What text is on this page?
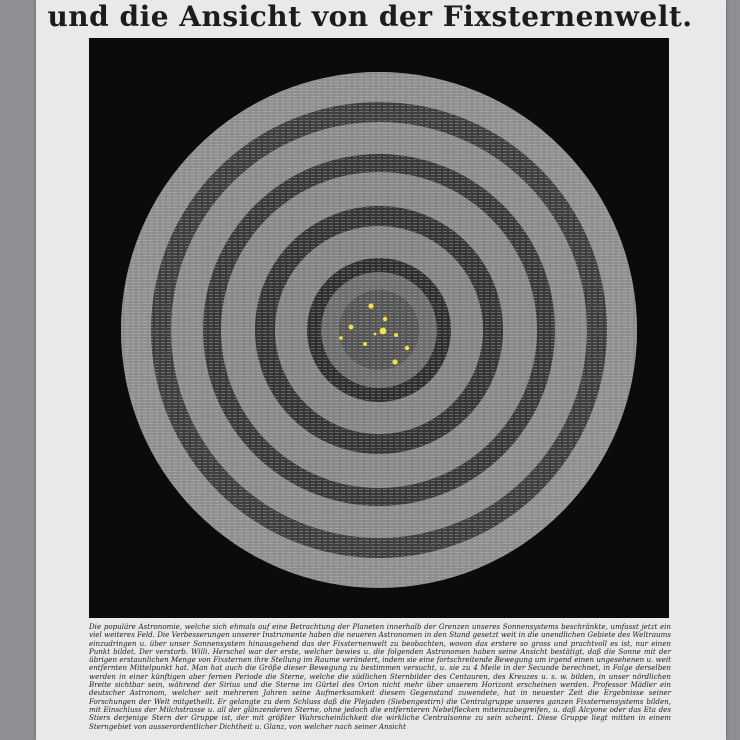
und die Ansicht von der Fixsternenwelt.

Die populäre Astronomie, welche sich ehmals auf eine Betrachtung der Planeten innerhalb der Grenzen unseres Sonnensystems beschränkte, umfasst jetzt ein viel weiteres Feld. Die Verbesserungen unserer Instrumente haben die neueren Astronomen in den Stand gesetzt weit in die unendlichen Gebiete des Weltraums einzudringen u. über unser Sonnensystem hinausgehend das der Fixsternenwelt zu beobachten, wovon das erstere so gross und prachtvoll es ist, nur einen Punkt bildet. Der verstorb. Willi. Herschel war der erste, welcher bewies u. die folgenden Astronomen haben seine Ansicht bestätigt, daß die Sonne mit der übrigen erstaunlichen Menge von Fixsternen ihre Stellung im Raume verändert, indem sie eine fortschreitende Bewegung um irgend einen ungesehenen u. weit entfernten Mittelpunkt hat. Man hat auch die Größe dieser Bewegung zu bestimmen versucht, u. sie zu 4 Meile in der Secunde berechnet, in Folge derselben werden in einer künftigen aber fernen Periode die Sterne, welche die südlichen Sternbilder des Centauren, des Kreuzes u. s. w. bilden, in unser nördlichen Breite sichtbar sein, während der Sirius und die Sterne im Gürtel des Orion nicht mehr über unserem Horizont erscheinen werden. Professor Mädler ein deutscher Astronom, welcher seit mehreren Jahren seine Aufmerksamkeit diesem Gegenstand zuwendete, hat in neuester Zeit die Ergebnisse seiner Forschungen der Welt mitgetheilt. Er gelangte zu dem Schluss daß die Plejaden (Siebengestirn) die Centralgruppe unseres ganzen Fixsternensystems bilden, mit Einschluss der Milchstrasse u. all der glänzenderen Sterne, ohne jedoch die entfernteren Nebelflecken miteinzubegreifen, u. daß Alcyone oder das Eta des Stiers derjenige Stern der Gruppe ist, der mit größter Wahrscheinlichkeit die wirkliche Centralsonne zu sein scheint. Diese Gruppe liegt mitten in einem Sterngebiet von ausserordentlicher Dichtheit u. Glanz, von welcher nach seiner Ansicht
